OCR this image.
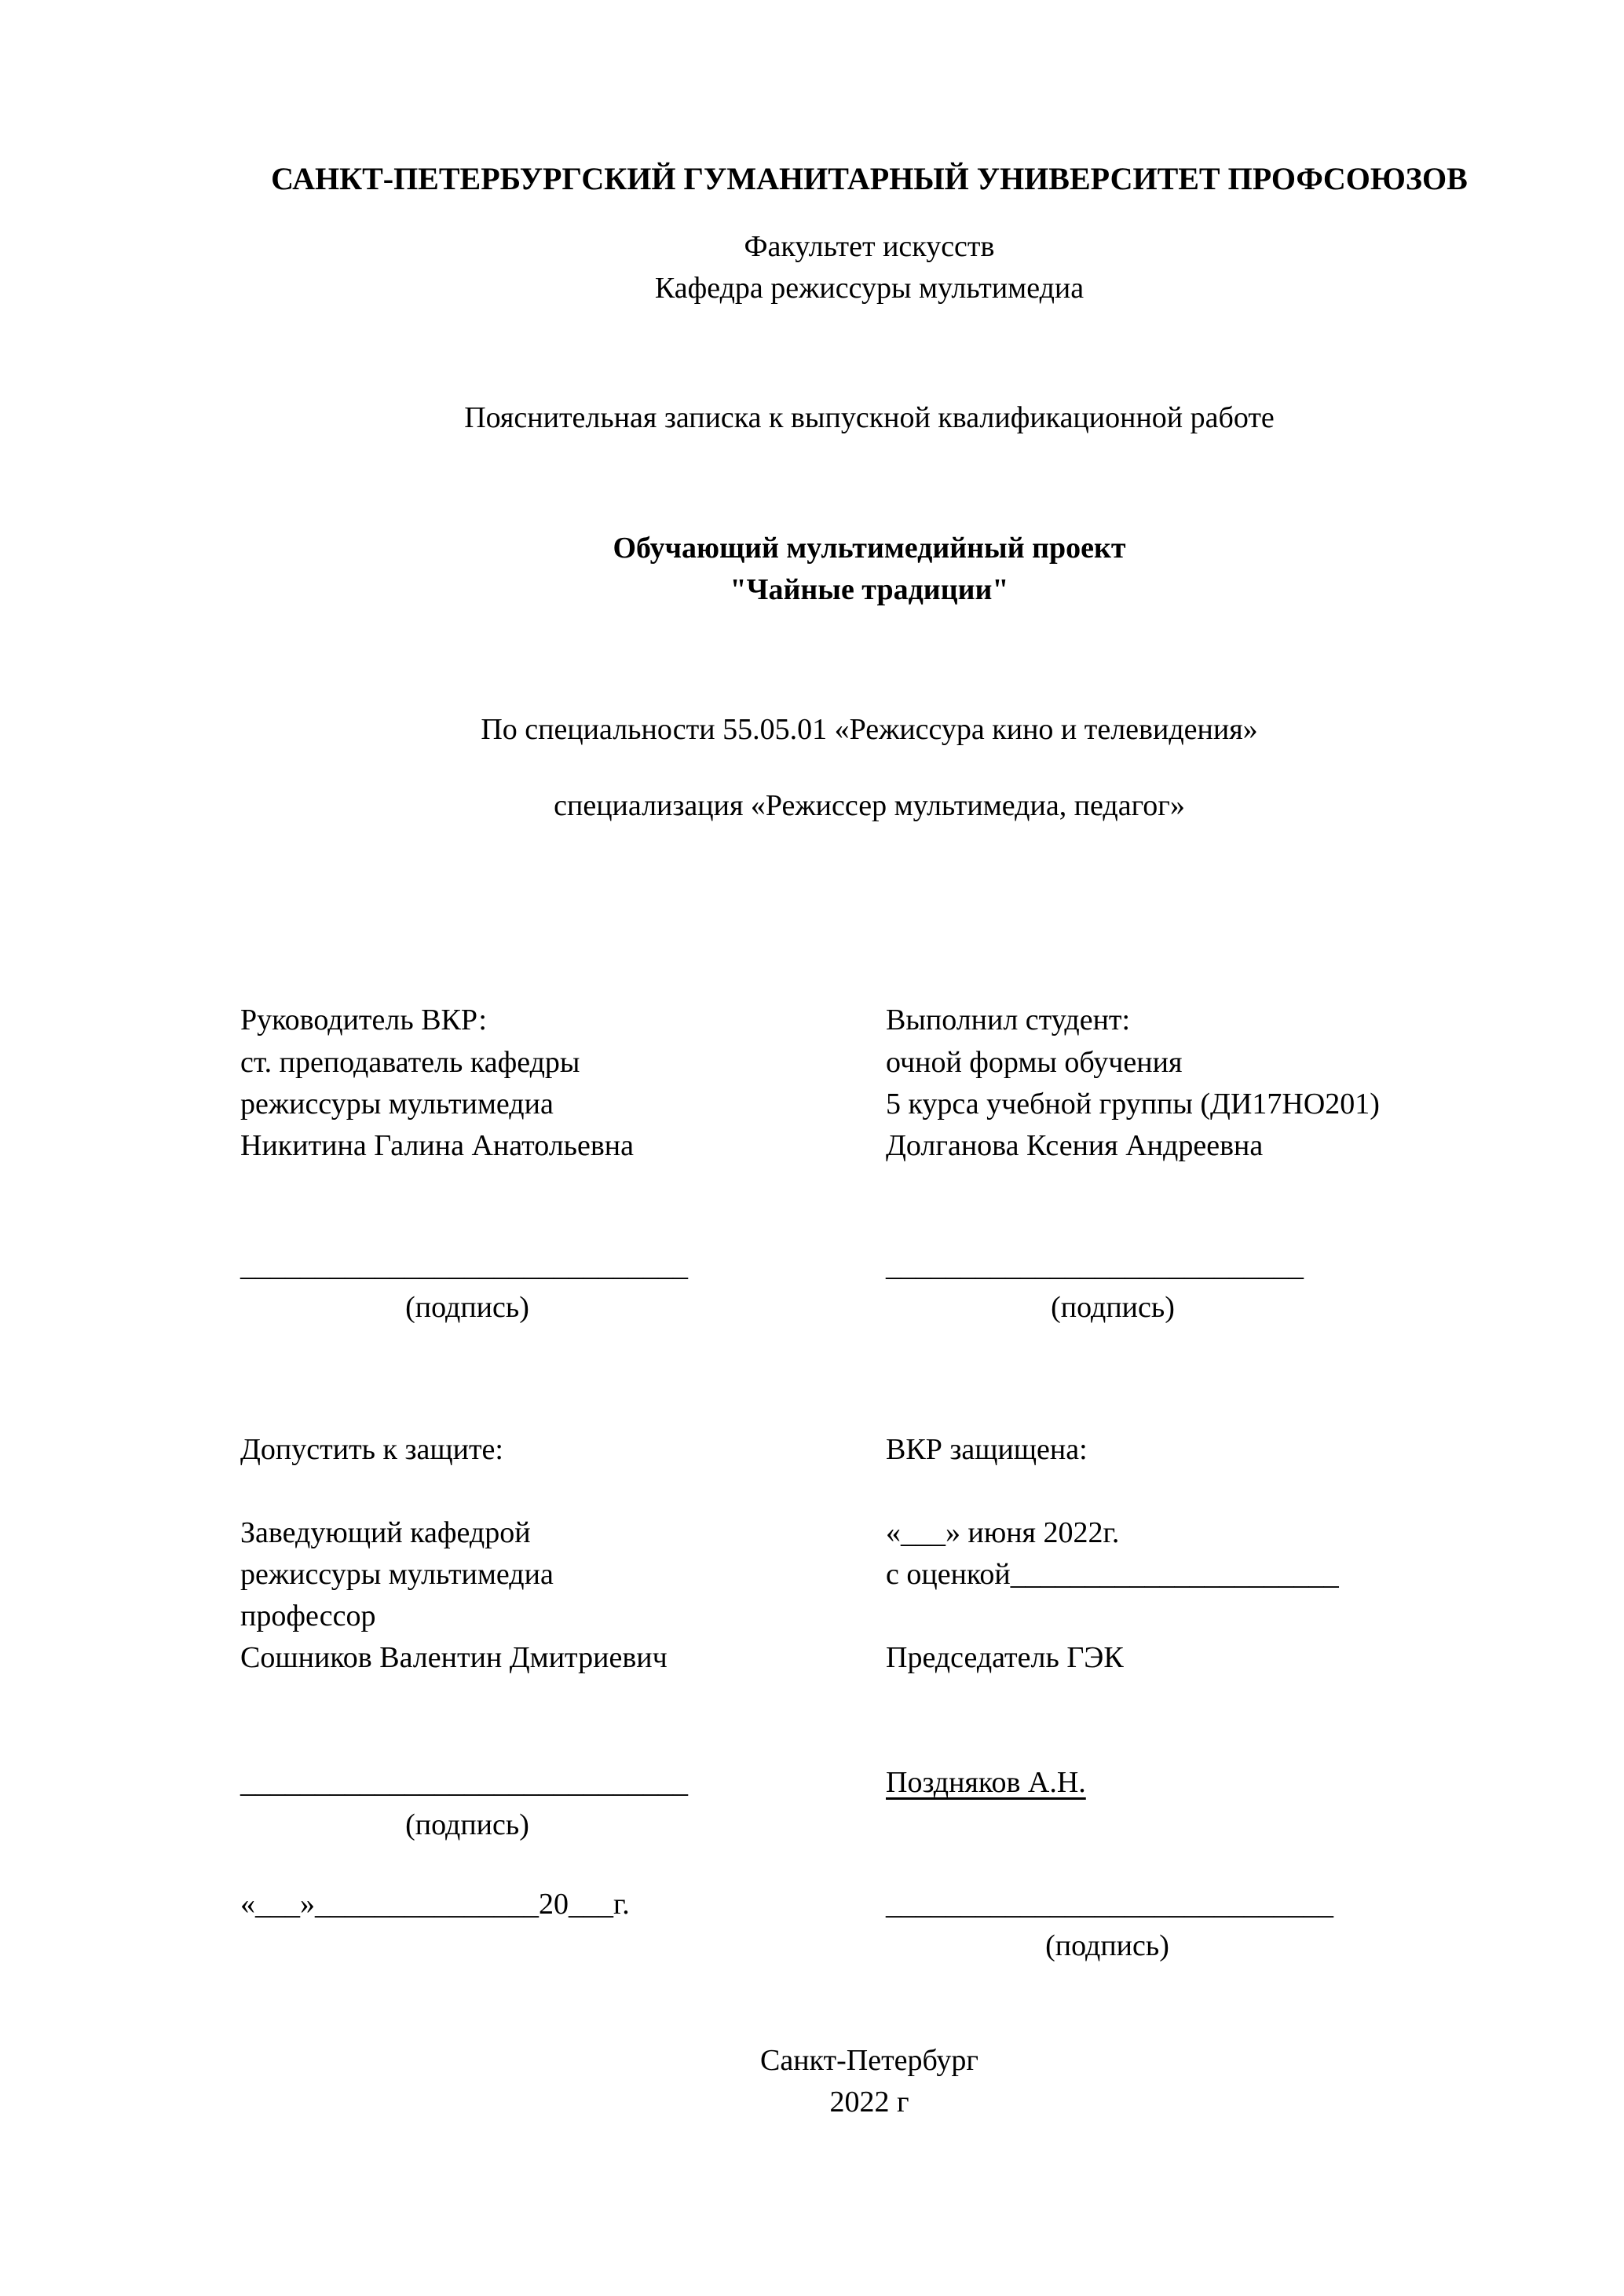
САНКТ-ПЕТЕРБУРГСКИЙ ГУМАНИТАРНЫЙ УНИВЕРСИТЕТ ПРОФСОЮЗОВ
Факультет искусств
Кафедра режиссуры мультимедиа
Пояснительная записка к выпускной квалификационной работе
Обучающий мультимедийный проект
"Чайные традиции"
По специальности 55.05.01 «Режиссура кино и телевидения»
специализация «Режиссер мультимедиа, педагог»
Руководитель ВКР:
ст. преподаватель кафедры
режиссуры мультимедиа
Никитина Галина Анатольевна
Выполнил студент:
очной формы обучения
5 курса учебной группы (ДИ17НО201)
Долганова Ксения Андреевна
______________________________
(подпись)
____________________________
(подпись)
Допустить к защите:	ВКР защищена:
Заведующий кафедрой
режиссуры мультимедиа
профессор
Сошников Валентин Дмитриевич
«___» июня 2022г.
с оценкой______________________
Председатель ГЭК
______________________________
(подпись)
Поздняков А.Н.
«___»_______________20___г.	______________________________
(подпись)
Санкт-Петербург
2022 г
